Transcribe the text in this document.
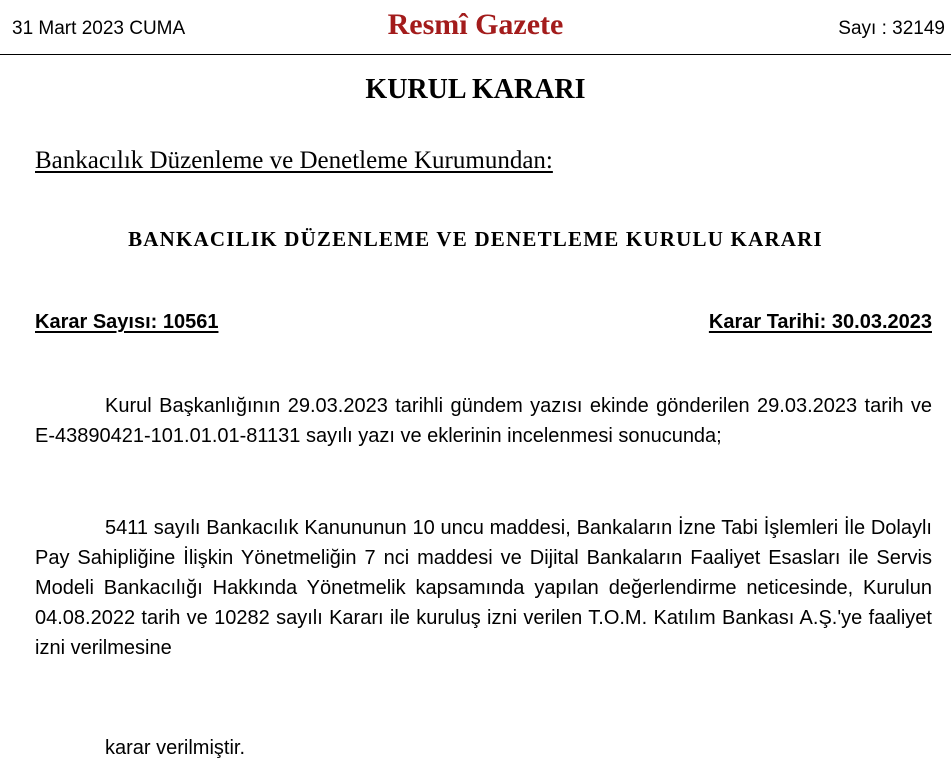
31 Mart 2023 CUMA	Resmî Gazete	Sayı : 32149
KURUL KARARI
Bankacılık Düzenleme ve Denetleme Kurumundan:
BANKACILIK DÜZENLEME VE DENETLEME KURULU KARARI
Karar Sayısı: 10561	Karar Tarihi: 30.03.2023

Kurul Başkanlığının 29.03.2023 tarihli gündem yazısı ekinde gönderilen 29.03.2023 tarih ve E-43890421-101.01.01-81131 sayılı yazı ve eklerinin incelenmesi sonucunda;

5411 sayılı Bankacılık Kanununun 10 uncu maddesi, Bankaların İzne Tabi İşlemleri İle Dolaylı Pay Sahipliğine İlişkin Yönetmeliğin 7 nci maddesi ve Dijital Bankaların Faaliyet Esasları ile Servis Modeli Bankacılığı Hakkında Yönetmelik kapsamında yapılan değerlendirme neticesinde, Kurulun 04.08.2022 tarih ve 10282 sayılı Kararı ile kuruluş izni verilen T.O.M. Katılım Bankası A.Ş.'ye faaliyet izni verilmesine

karar verilmiştir.
